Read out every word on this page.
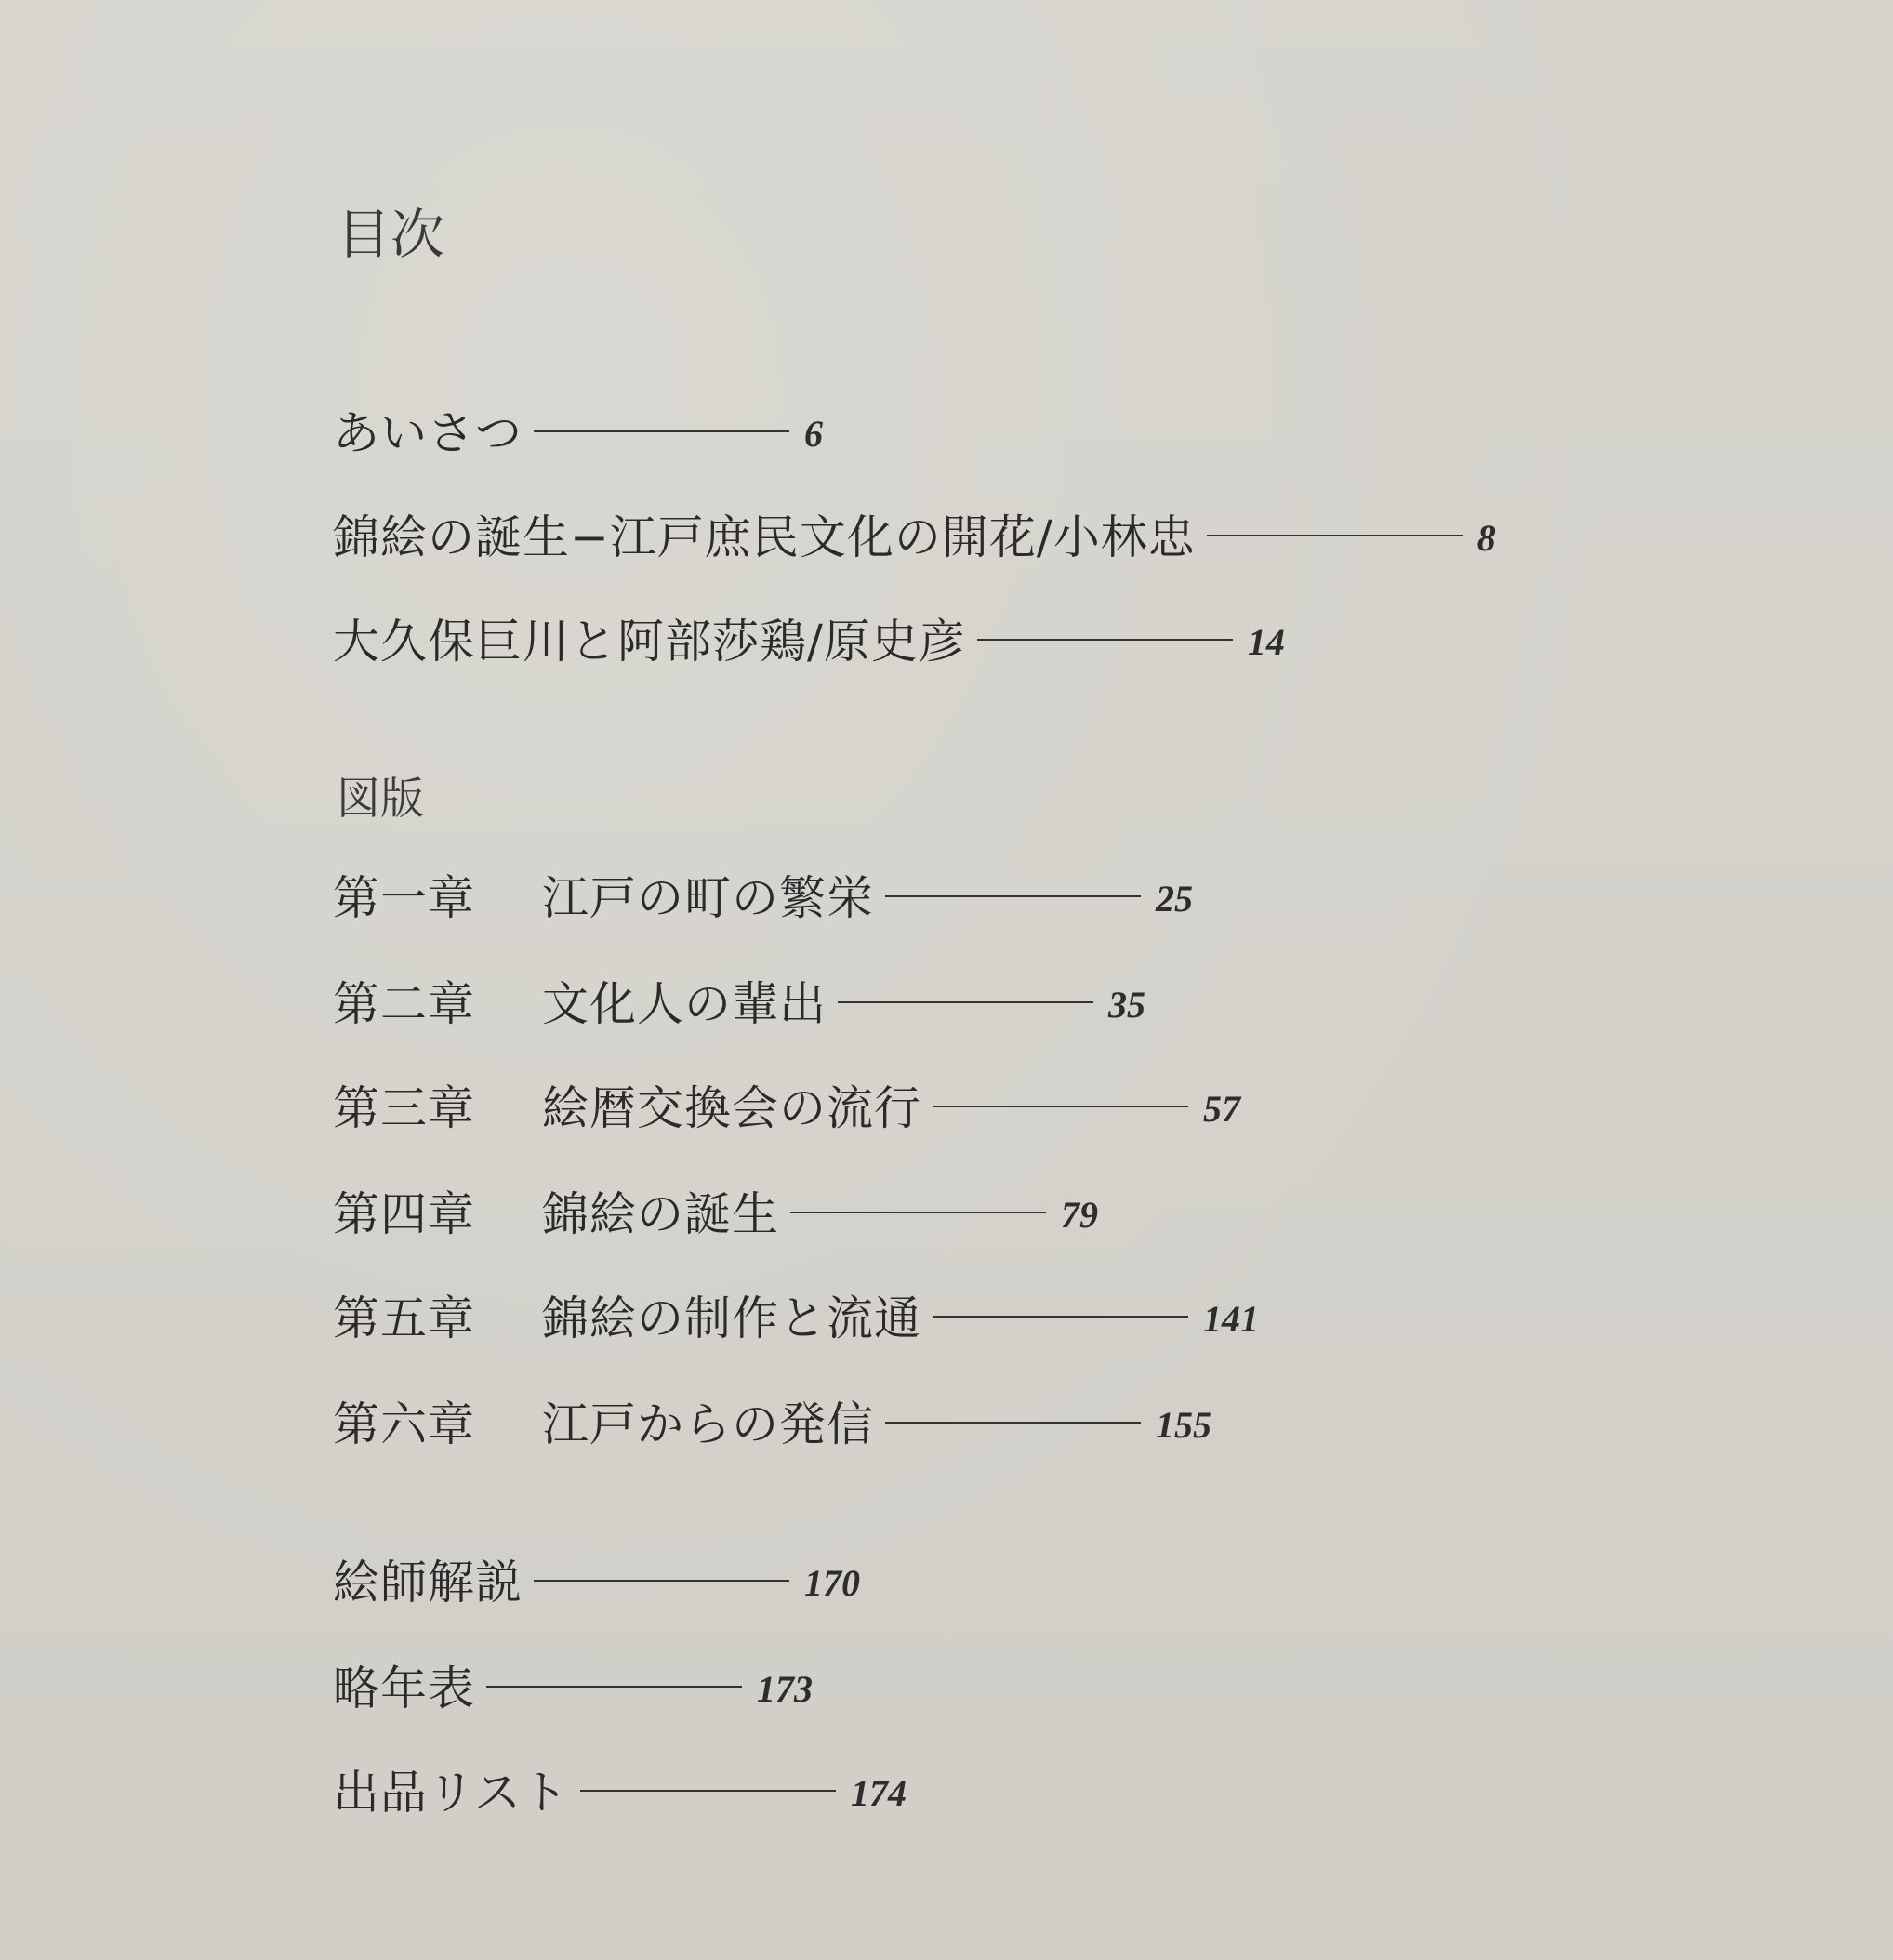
目次
あいさつ	6
錦絵の誕生−江戸庶民文化の開花/小林忠	8
大久保巨川と阿部莎鶏/原史彦	14
図版
第一章	江戸の町の繁栄	25
第二章	文化人の輩出	35
第三章	絵暦交換会の流行	57
第四章	錦絵の誕生	79
第五章	錦絵の制作と流通	141
第六章	江戸からの発信	155
絵師解説	170
略年表	173
出品リスト	174
